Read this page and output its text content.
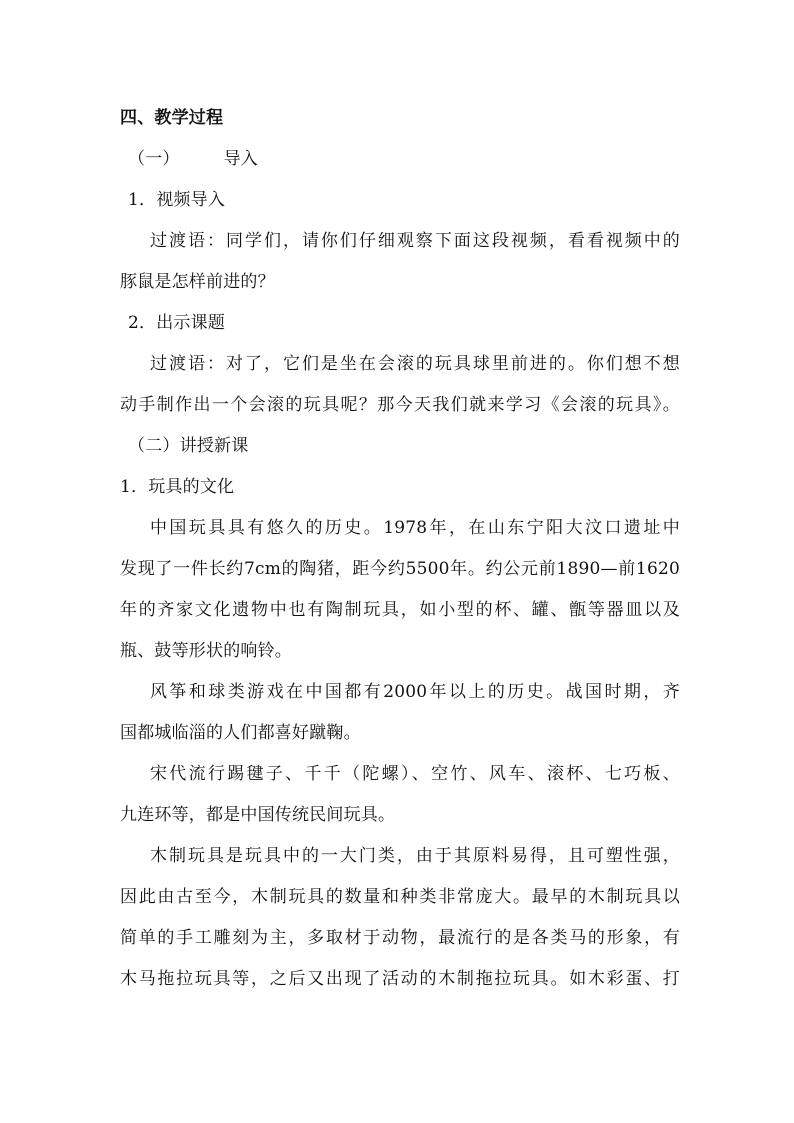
四、教学过程
（一）	导入
1．视频导入
过渡语：同学们，请你们仔细观察下面这段视频，看看视频中的
豚鼠是怎样前进的？
2．出示课题
过渡语：对了，它们是坐在会滚的玩具球里前进的。你们想不想
动手制作出一个会滚的玩具呢？那今天我们就来学习《会滚的玩具》。
（二）讲授新课
1．玩具的文化
中国玩具具有悠久的历史。1978年，在山东宁阳大汶口遗址中
发现了一件长约7cm的陶猪，距今约5500年。约公元前1890—前1620
年的齐家文化遗物中也有陶制玩具，如小型的杯、罐、甑等器皿以及
瓶、鼓等形状的响铃。
风筝和球类游戏在中国都有2000年以上的历史。战国时期，齐
国都城临淄的人们都喜好蹴鞠。
宋代流行踢毽子、千千（陀螺）、空竹、风车、滚杯、七巧板、
九连环等，都是中国传统民间玩具。
木制玩具是玩具中的一大门类，由于其原料易得，且可塑性强，
因此由古至今，木制玩具的数量和种类非常庞大。最早的木制玩具以
简单的手工雕刻为主，多取材于动物，最流行的是各类马的形象，有
木马拖拉玩具等，之后又出现了活动的木制拖拉玩具。如木彩蛋、打
